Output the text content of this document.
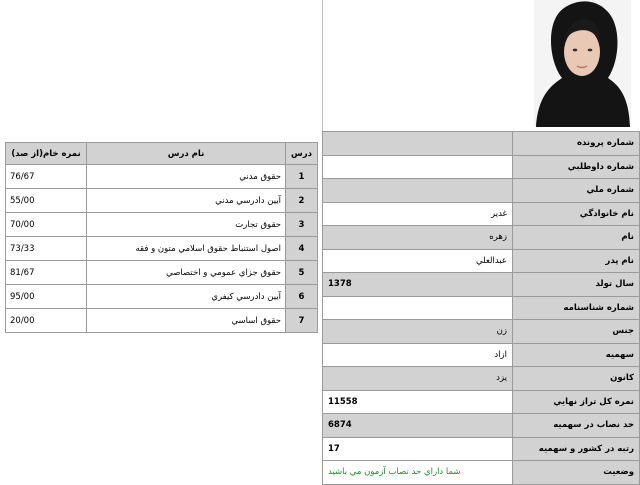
درس	نام درس	نمره خام(از صد)
1	حقوق مدني	76/67
2	آيين دادرسي مدني	55/00
3	حقوق تجارت	70/00
4	اصول استنباط حقوق اسلامي متون و فقه	73/33
5	حقوق جزاي عمومي و اختصاصي	81/67
6	آيين دادرسي كيفري	95/00
7	حقوق اساسي	20/00
شماره پرونده	
شماره داوطلبي	
شماره ملي	
نام خانوادگي	غدير
نام	زهره
نام پدر	عبدالعلي
سال تولد	1378
شماره شناسنامه	
جنس	زن
سهميه	ازاد
كانون	يزد
نمره كل تراز نهايي	11558
حد نصاب در سهميه	6874
رتبه در كشور و سهميه	17
وضعيت	شما داراي حد نصاب آزمون مي باشيد
